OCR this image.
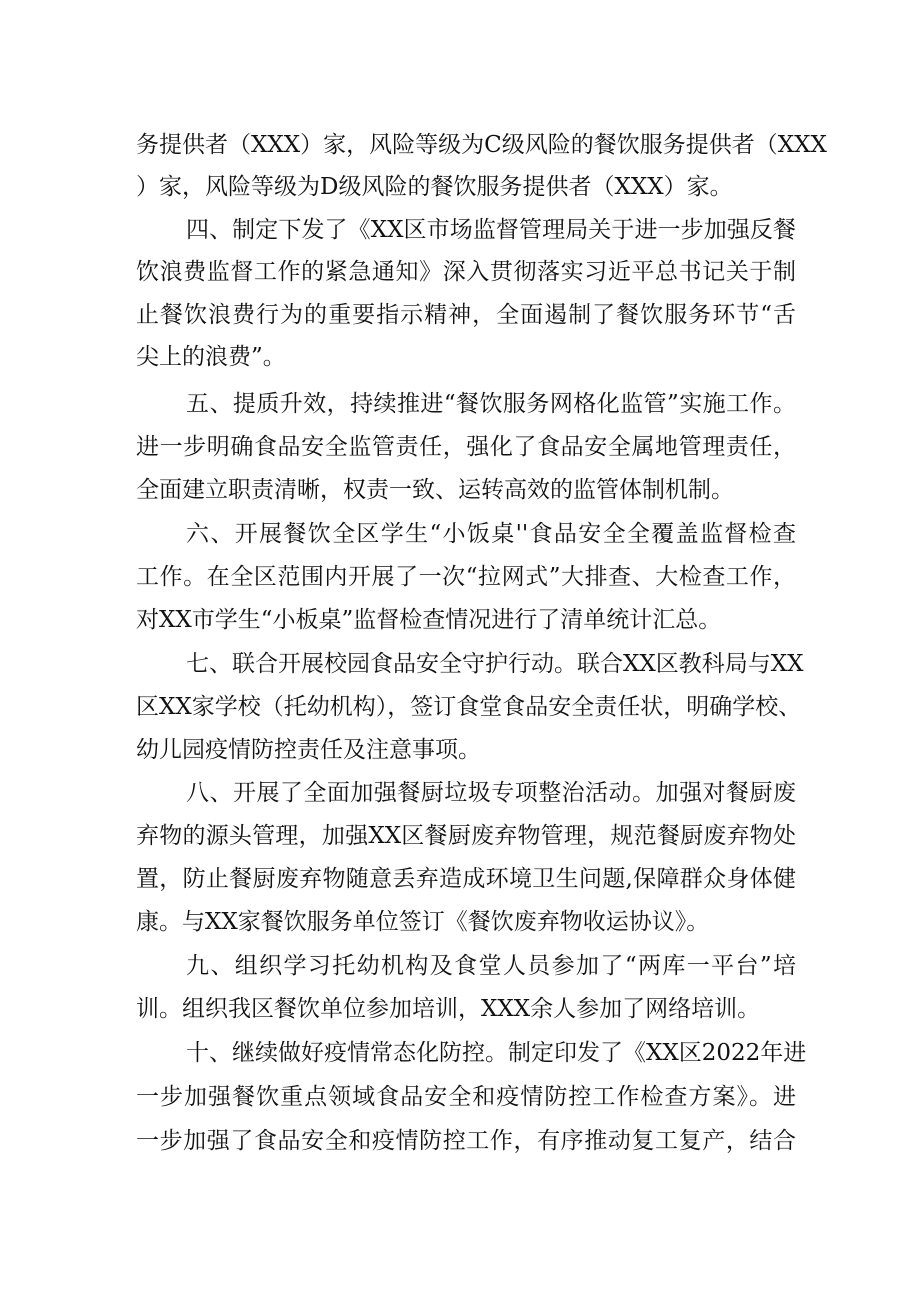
务提供者（XXX）家，风险等级为C级风险的餐饮服务提供者（XXX
）家，风险等级为D级风险的餐饮服务提供者（XXX）家。
四、制定下发了《XX区市场监督管理局关于进一步加强反餐
饮浪费监督工作的紧急通知》深入贯彻落实习近平总书记关于制
止餐饮浪费行为的重要指示精神，全面遏制了餐饮服务环节“舌
尖上的浪费”。
五、提质升效，持续推进“餐饮服务网格化监管”实施工作。
进一步明确食品安全监管责任，强化了食品安全属地管理责任，
全面建立职责清晰，权责一致、运转高效的监管体制机制。
六、开展餐饮全区学生“小饭桌''食品安全全覆盖监督检查
工作。在全区范围内开展了一次“拉网式”大排查、大检查工作，
对XX市学生“小板桌”监督检查情况进行了清单统计汇总。
七、联合开展校园食品安全守护行动。联合XX区教科局与XX
区XX家学校（托幼机构），签订食堂食品安全责任状，明确学校、
幼儿园疫情防控责任及注意事项。
八、开展了全面加强餐厨垃圾专项整治活动。加强对餐厨废
弃物的源头管理，加强XX区餐厨废弃物管理，规范餐厨废弃物处
置，防止餐厨废弃物随意丢弃造成环境卫生问题,保障群众身体健
康。与XX家餐饮服务单位签订《餐饮废弃物收运协议》。
九、组织学习托幼机构及食堂人员参加了“两库一平台”培
训。组织我区餐饮单位参加培训，XXX余人参加了网络培训。
十、继续做好疫情常态化防控。制定印发了《XX区2022年进
一步加强餐饮重点领域食品安全和疫情防控工作检查方案》。进
一步加强了食品安全和疫情防控工作，有序推动复工复产，结合
